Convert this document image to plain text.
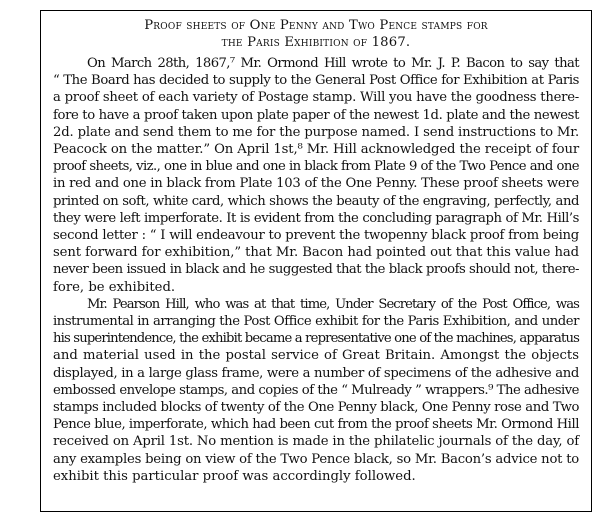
Proof sheets of One Penny and Two Pence stamps for
the Paris Exhibition of 1867.
On March 28th, 1867,⁷ Mr. Ormond Hill wrote to Mr. J. P. Bacon to say that
“ The Board has decided to supply to the General Post Office for Exhibition at Paris
a proof sheet of each variety of Postage stamp. Will you have the goodness there-
fore to have a proof taken upon plate paper of the newest 1d. plate and the newest
2d. plate and send them to me for the purpose named. I send instructions to Mr.
Peacock on the matter.” On April 1st,⁸ Mr. Hill acknowledged the receipt of four
proof sheets, viz., one in blue and one in black from Plate 9 of the Two Pence and one
in red and one in black from Plate 103 of the One Penny. These proof sheets were
printed on soft, white card, which shows the beauty of the engraving, perfectly, and
they were left imperforate. It is evident from the concluding paragraph of Mr. Hill’s
second letter : “ I will endeavour to prevent the twopenny black proof from being
sent forward for exhibition,” that Mr. Bacon had pointed out that this value had
never been issued in black and he suggested that the black proofs should not, there-
fore, be exhibited.
Mr. Pearson Hill, who was at that time, Under Secretary of the Post Office, was
instrumental in arranging the Post Office exhibit for the Paris Exhibition, and under
his superintendence, the exhibit became a representative one of the machines, apparatus
and material used in the postal service of Great Britain. Amongst the objects
displayed, in a large glass frame, were a number of specimens of the adhesive and
embossed envelope stamps, and copies of the “ Mulready ” wrappers.⁹ The adhesive
stamps included blocks of twenty of the One Penny black, One Penny rose and Two
Pence blue, imperforate, which had been cut from the proof sheets Mr. Ormond Hill
received on April 1st. No mention is made in the philatelic journals of the day, of
any examples being on view of the Two Pence black, so Mr. Bacon’s advice not to
exhibit this particular proof was accordingly followed.
